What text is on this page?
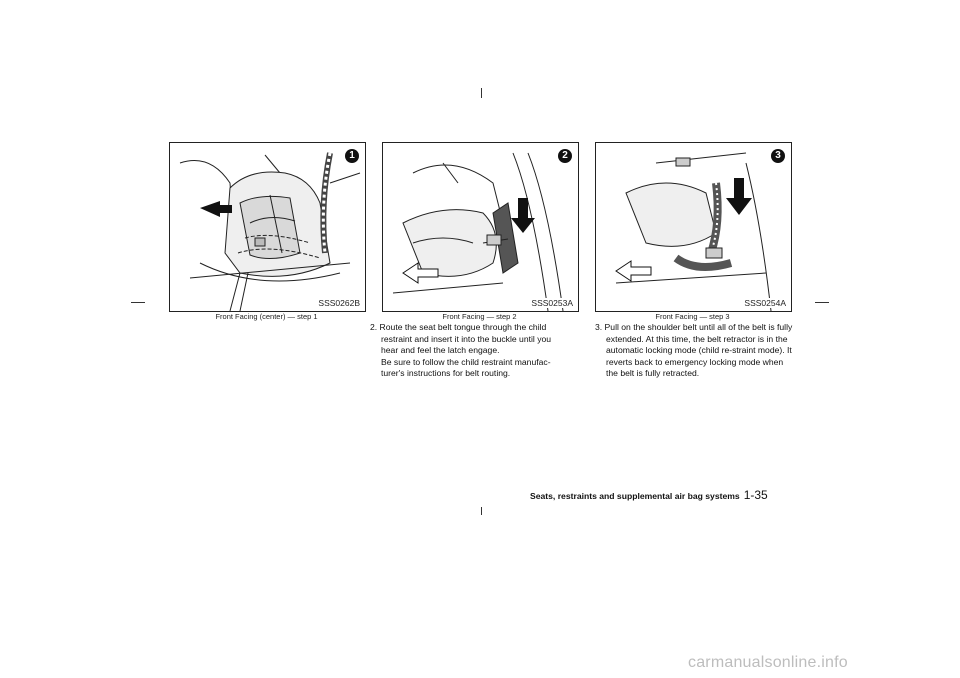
1
SSS0262B
Front Facing (center) — step 1
2
SSS0253A
Front Facing — step 2
3
SSS0254A
Front Facing — step 3

2. Route the seat belt tongue through the child restraint and insert it into the buckle until you hear and feel the latch engage.

Be sure to follow the child restraint manufac-turer's instructions for belt routing.

3. Pull on the shoulder belt until all of the belt is fully extended. At this time, the belt retractor is in the automatic locking mode (child re-straint mode). It reverts back to emergency locking mode when the belt is fully retracted.

Seats, restraints and supplemental air bag systems 1-35
carmanualsonline.info
